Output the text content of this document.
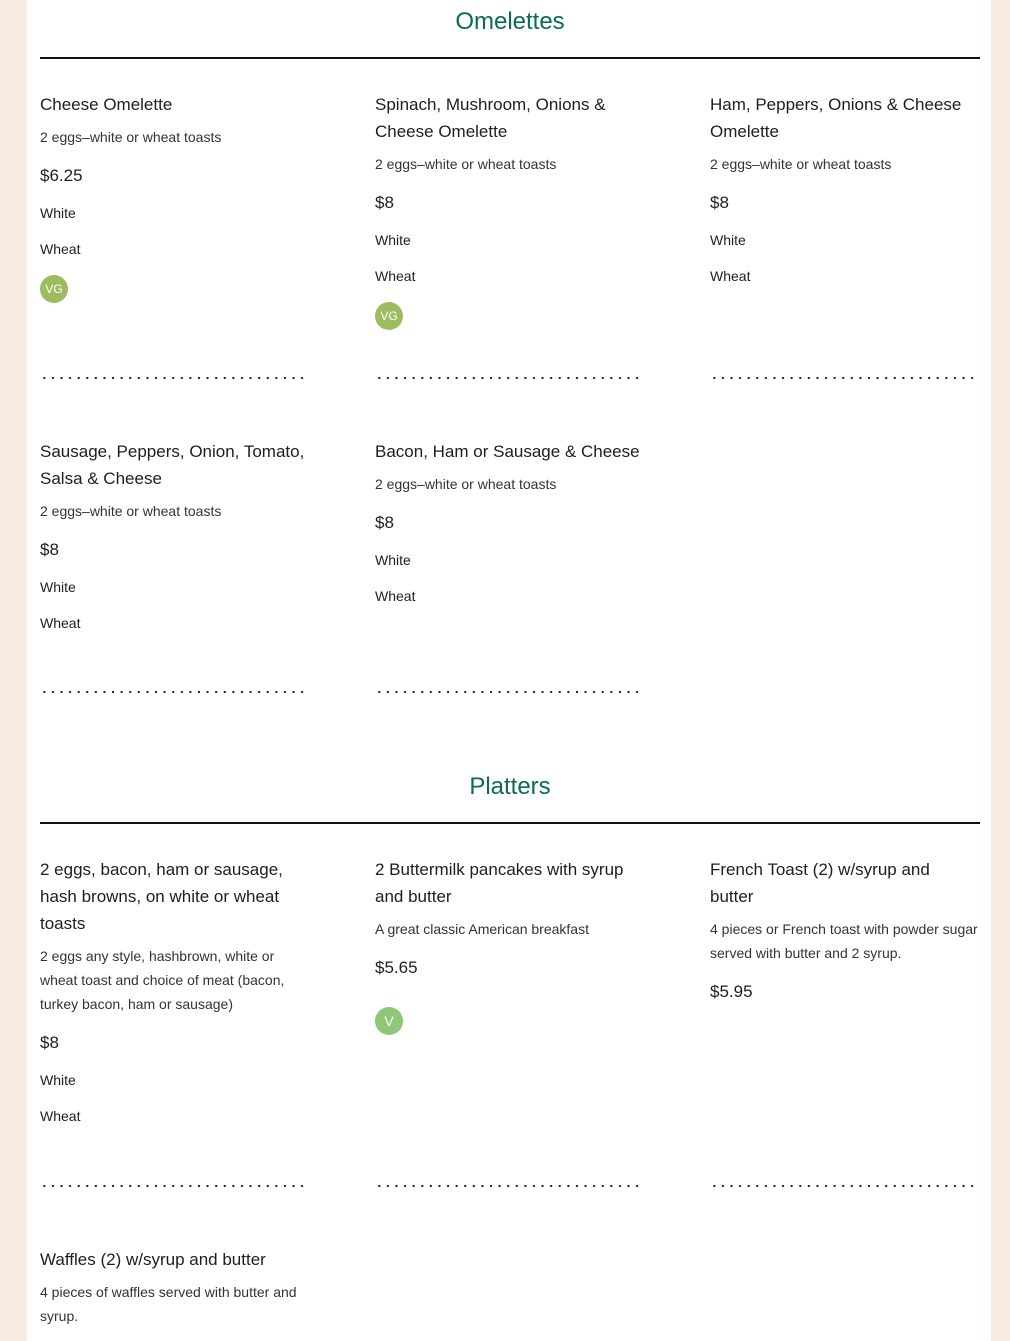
Omelettes
Cheese Omelette
2 eggs–white or wheat toasts
$6.25
White
Wheat
VG
Spinach, Mushroom, Onions & Cheese Omelette
2 eggs–white or wheat toasts
$8
White
Wheat
VG
Ham, Peppers, Onions & Cheese Omelette
2 eggs–white or wheat toasts
$8
White
Wheat
Sausage, Peppers, Onion, Tomato, Salsa & Cheese
2 eggs–white or wheat toasts
$8
White
Wheat
Bacon, Ham or Sausage & Cheese
2 eggs–white or wheat toasts
$8
White
Wheat
Platters
2 eggs, bacon, ham or sausage, hash browns, on white or wheat toasts
2 eggs any style, hashbrown, white or wheat toast and choice of meat (bacon, turkey bacon, ham or sausage)
$8
White
Wheat
2 Buttermilk pancakes with syrup and butter
A great classic American breakfast
$5.65
V
French Toast (2) w/syrup and butter
4 pieces or French toast with powder sugar served with butter and 2 syrup.
$5.95
Waffles (2) w/syrup and butter
4 pieces of waffles served with butter and syrup.
